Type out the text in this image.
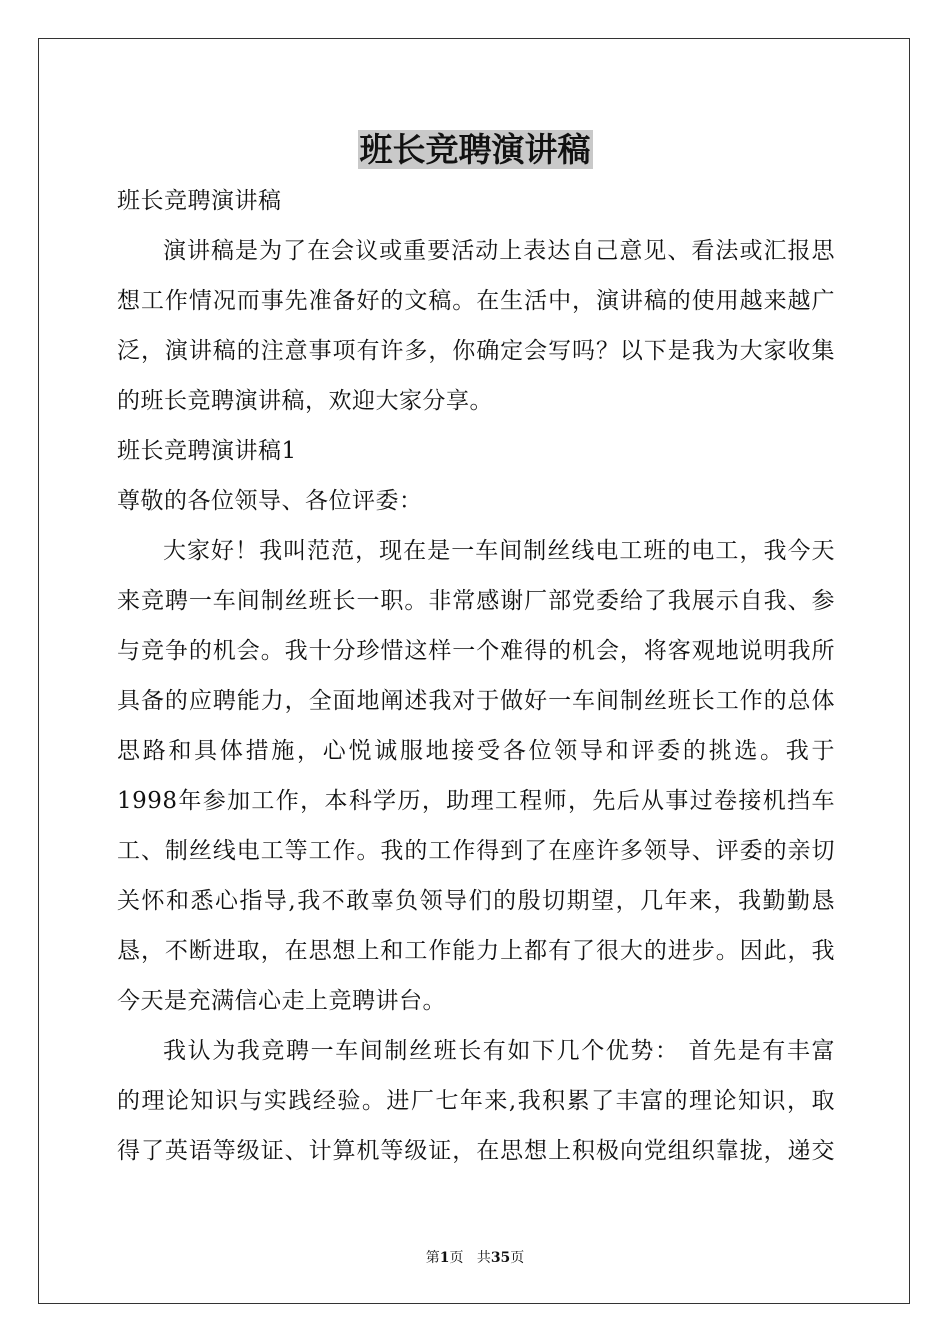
班长竞聘演讲稿
班长竞聘演讲稿
演讲稿是为了在会议或重要活动上表达自己意见、看法或汇报思
想工作情况而事先准备好的文稿。在生活中，演讲稿的使用越来越广
泛，演讲稿的注意事项有许多，你确定会写吗？以下是我为大家收集
的班长竞聘演讲稿，欢迎大家分享。
班长竞聘演讲稿1
尊敬的各位领导、各位评委：
大家好！我叫范范，现在是一车间制丝线电工班的电工，我今天
来竞聘一车间制丝班长一职。非常感谢厂部党委给了我展示自我、参
与竞争的机会。我十分珍惜这样一个难得的机会，将客观地说明我所
具备的应聘能力，全面地阐述我对于做好一车间制丝班长工作的总体
思路和具体措施，心悦诚服地接受各位领导和评委的挑选。我于
1998年参加工作，本科学历，助理工程师，先后从事过卷接机挡车
工、制丝线电工等工作。我的工作得到了在座许多领导、评委的亲切
关怀和悉心指导,我不敢辜负领导们的殷切期望，几年来，我勤勤恳
恳，不断进取，在思想上和工作能力上都有了很大的进步。因此，我
今天是充满信心走上竞聘讲台。
我认为我竞聘一车间制丝班长有如下几个优势： 首先是有丰富
的理论知识与实践经验。进厂七年来,我积累了丰富的理论知识，取
得了英语等级证、计算机等级证，在思想上积极向党组织靠拢，递交
第1页 共35页
